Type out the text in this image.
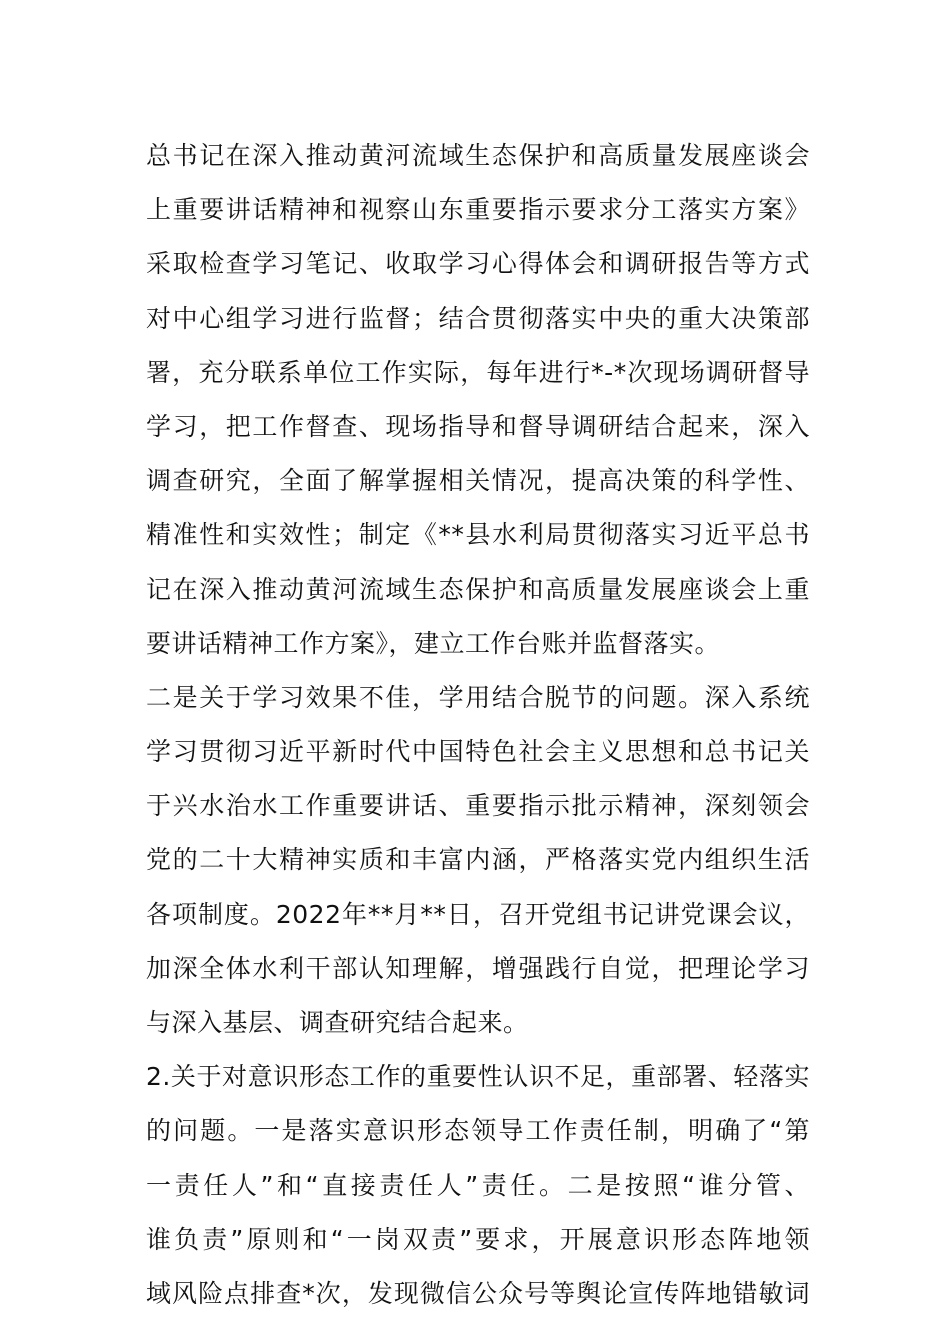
总书记在深入推动黄河流域生态保护和高质量发展座谈会
上重要讲话精神和视察山东重要指示要求分工落实方案》
采取检查学习笔记、收取学习心得体会和调研报告等方式
对中心组学习进行监督；结合贯彻落实中央的重大决策部
署，充分联系单位工作实际，每年进行*-*次现场调研督导
学习，把工作督查、现场指导和督导调研结合起来，深入
调查研究，全面了解掌握相关情况，提高决策的科学性、
精准性和实效性；制定《**县水利局贯彻落实习近平总书
记在深入推动黄河流域生态保护和高质量发展座谈会上重
要讲话精神工作方案》，建立工作台账并监督落实。
二是关于学习效果不佳，学用结合脱节的问题。深入系统
学习贯彻习近平新时代中国特色社会主义思想和总书记关
于兴水治水工作重要讲话、重要指示批示精神，深刻领会
党的二十大精神实质和丰富内涵，严格落实党内组织生活
各项制度。2022年**月**日，召开党组书记讲党课会议，
加深全体水利干部认知理解，增强践行自觉，把理论学习
与深入基层、调查研究结合起来。
2.关于对意识形态工作的重要性认识不足，重部署、轻落实
的问题。一是落实意识形态领导工作责任制，明确了“第
一责任人”和“直接责任人”责任。二是按照“谁分管、
谁负责”原则和“一岗双责”要求，开展意识形态阵地领
域风险点排查*次，发现微信公众号等舆论宣传阵地错敏词
